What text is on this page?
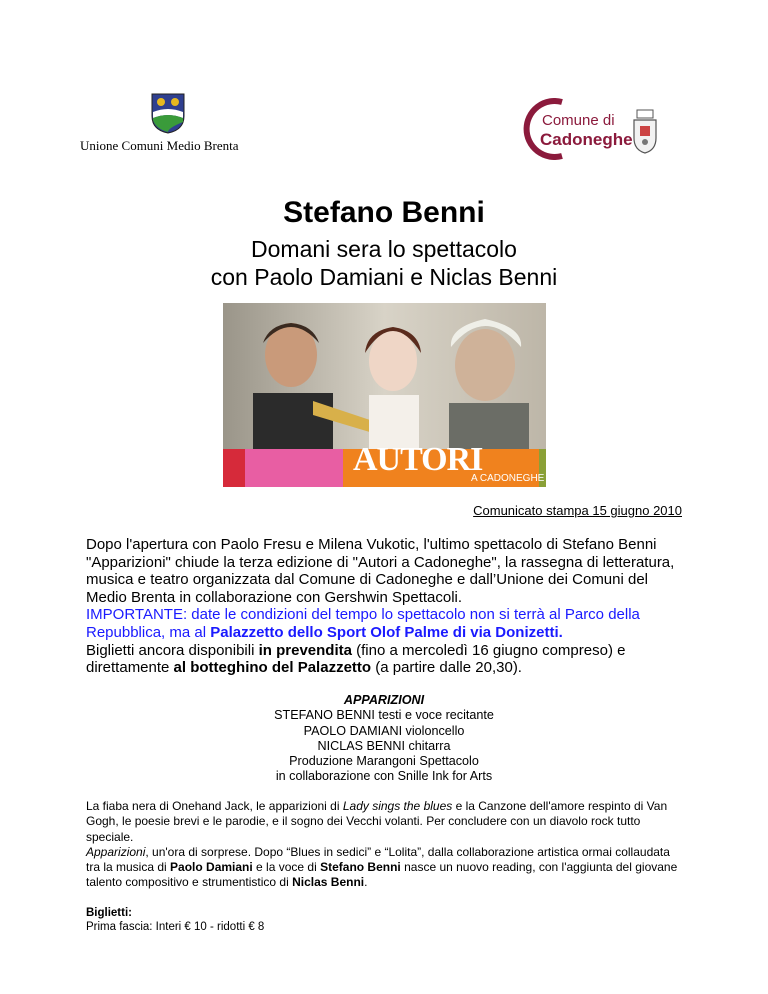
Unione Comuni Medio Brenta
Comune di
Cadoneghe
Stefano Benni
Domani sera lo spettacolo
con Paolo Damiani e Niclas Benni
AUTORI
A CADONEGHE
Comunicato stampa 15 giugno 2010

Dopo l'apertura con Paolo Fresu e Milena Vukotic, l'ultimo spettacolo di Stefano Benni "Apparizioni" chiude la terza edizione di "Autori a Cadoneghe", la rassegna di letteratura, musica e teatro organizzata dal Comune di Cadoneghe e dall’Unione dei Comuni del Medio Brenta in collaborazione con Gershwin Spettacoli.
IMPORTANTE: date le condizioni del tempo lo spettacolo non si terrà al Parco della Repubblica, ma al Palazzetto dello Sport Olof Palme di via Donizetti.
Biglietti ancora disponibili in prevendita (fino a mercoledì 16 giugno compreso) e direttamente al botteghino del Palazzetto (a partire dalle 20,30).

APPARIZIONI
STEFANO BENNI testi e voce recitante
PAOLO DAMIANI violoncello
NICLAS BENNI chitarra
Produzione Marangoni Spettacolo
in collaborazione con Snille Ink for Arts

La fiaba nera di Onehand Jack, le apparizioni di Lady sings the blues e la Canzone dell'amore respinto di Van Gogh, le poesie brevi e le parodie, e il sogno dei Vecchi volanti. Per concludere con un diavolo rock tutto speciale.
Apparizioni, un'ora di sorprese. Dopo “Blues in sedici” e “Lolita”, dalla collaborazione artistica ormai collaudata tra la musica di Paolo Damiani e la voce di Stefano Benni nasce un nuovo reading, con l'aggiunta del giovane talento compositivo e strumentistico di Niclas Benni.

Biglietti:
Prima fascia: Interi € 10 - ridotti € 8
